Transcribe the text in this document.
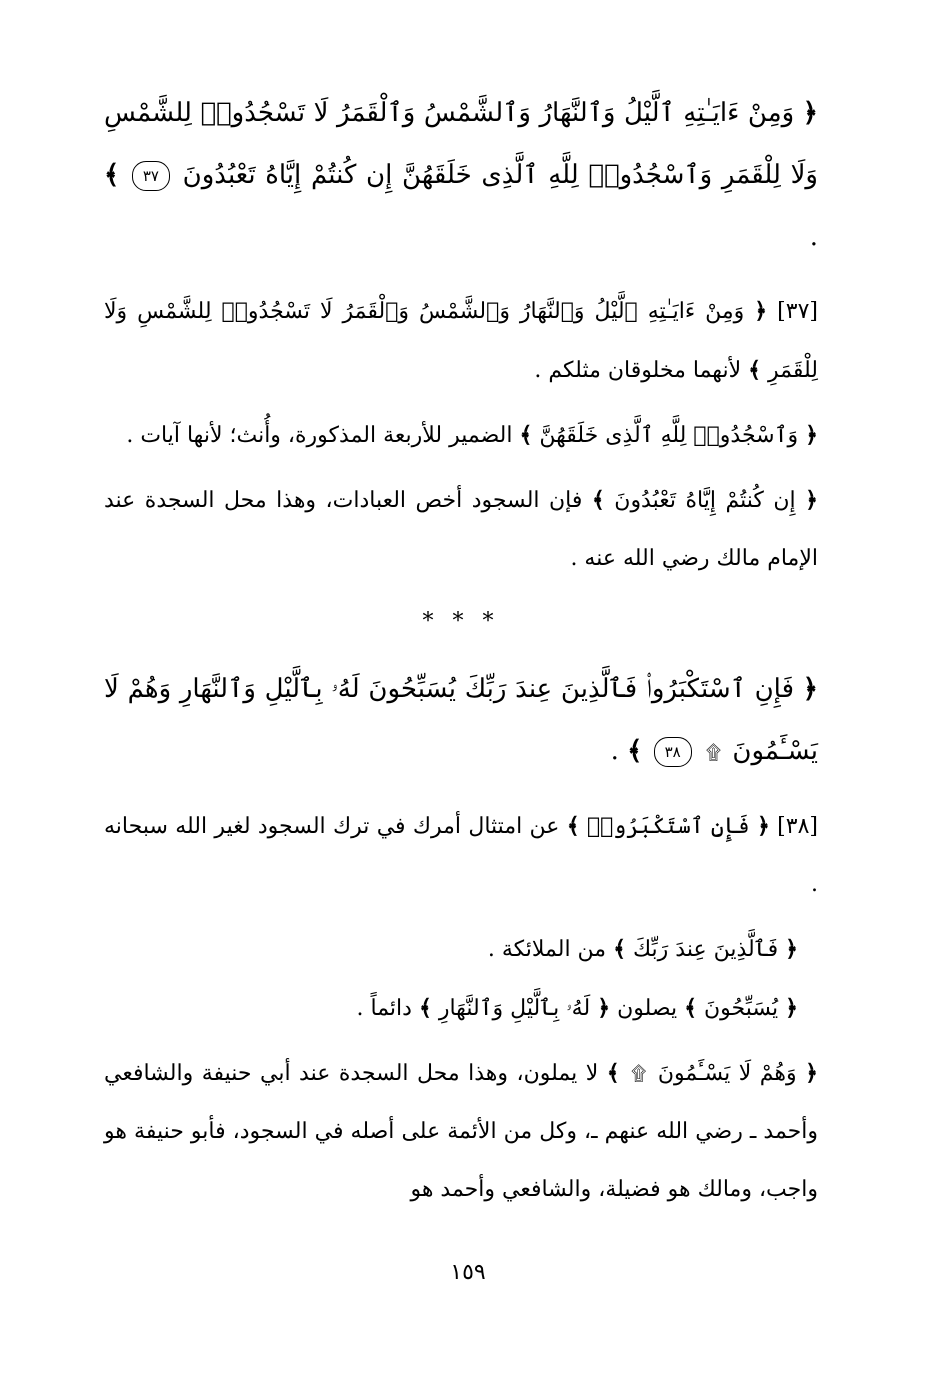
﴿ وَمِنْ ءَايَـٰتِهِ ٱلَّيْلُ وَٱلنَّهَارُ وَٱلشَّمْسُ وَٱلْقَمَرُ لَا تَسْجُدُوا۟ لِلشَّمْسِ وَلَا لِلْقَمَرِ وَٱسْجُدُوا۟ لِلَّهِ ٱلَّذِى خَلَقَهُنَّ إِن كُنتُمْ إِيَّاهُ تَعْبُدُونَ ٣٧ ﴾ .

[٣٧] ﴿ وَمِنْ ءَايَـٰتِهِ ٱلَّيْلُ وَٱلنَّهَارُ وَٱلشَّمْسُ وَٱلْقَمَرُ لَا تَسْجُدُوا۟ لِلشَّمْسِ وَلَا لِلْقَمَرِ ﴾ لأنهما مخلوقان مثلكم .

﴿ وَٱسْجُدُوا۟ لِلَّهِ ٱلَّذِى خَلَقَهُنَّ ﴾ الضمير للأربعة المذكورة، وأُنث؛ لأنها آيات .

﴿ إِن كُنتُمْ إِيَّاهُ تَعْبُدُونَ ﴾ فإن السجود أخص العبادات، وهذا محل السجدة عند الإمام مالك رضي الله عنه .

* * *

﴿ فَإِنِ ٱسْتَكْبَرُوا۟ فَٱلَّذِينَ عِندَ رَبِّكَ يُسَبِّحُونَ لَهُۥ بِٱلَّيْلِ وَٱلنَّهَارِ وَهُمْ لَا يَسْـَٔمُونَ ۩ ٣٨ ﴾ .

[٣٨] ﴿ فَإِنِ ٱسْتَكْبَرُوا۟ ﴾ عن امتثال أمرك في ترك السجود لغير الله سبحانه .

﴿ فَٱلَّذِينَ عِندَ رَبِّكَ ﴾ من الملائكة .

﴿ يُسَبِّحُونَ ﴾ يصلون ﴿ لَهُۥ بِٱلَّيْلِ وَٱلنَّهَارِ ﴾ دائماً .

﴿ وَهُمْ لَا يَسْـَٔمُونَ ۩ ﴾ لا يملون، وهذا محل السجدة عند أبي حنيفة والشافعي وأحمد ـ رضي الله عنهم ـ، وكل من الأئمة على أصله في السجود، فأبو حنيفة هو واجب، ومالك هو فضيلة، والشافعي وأحمد هو

١٥٩
